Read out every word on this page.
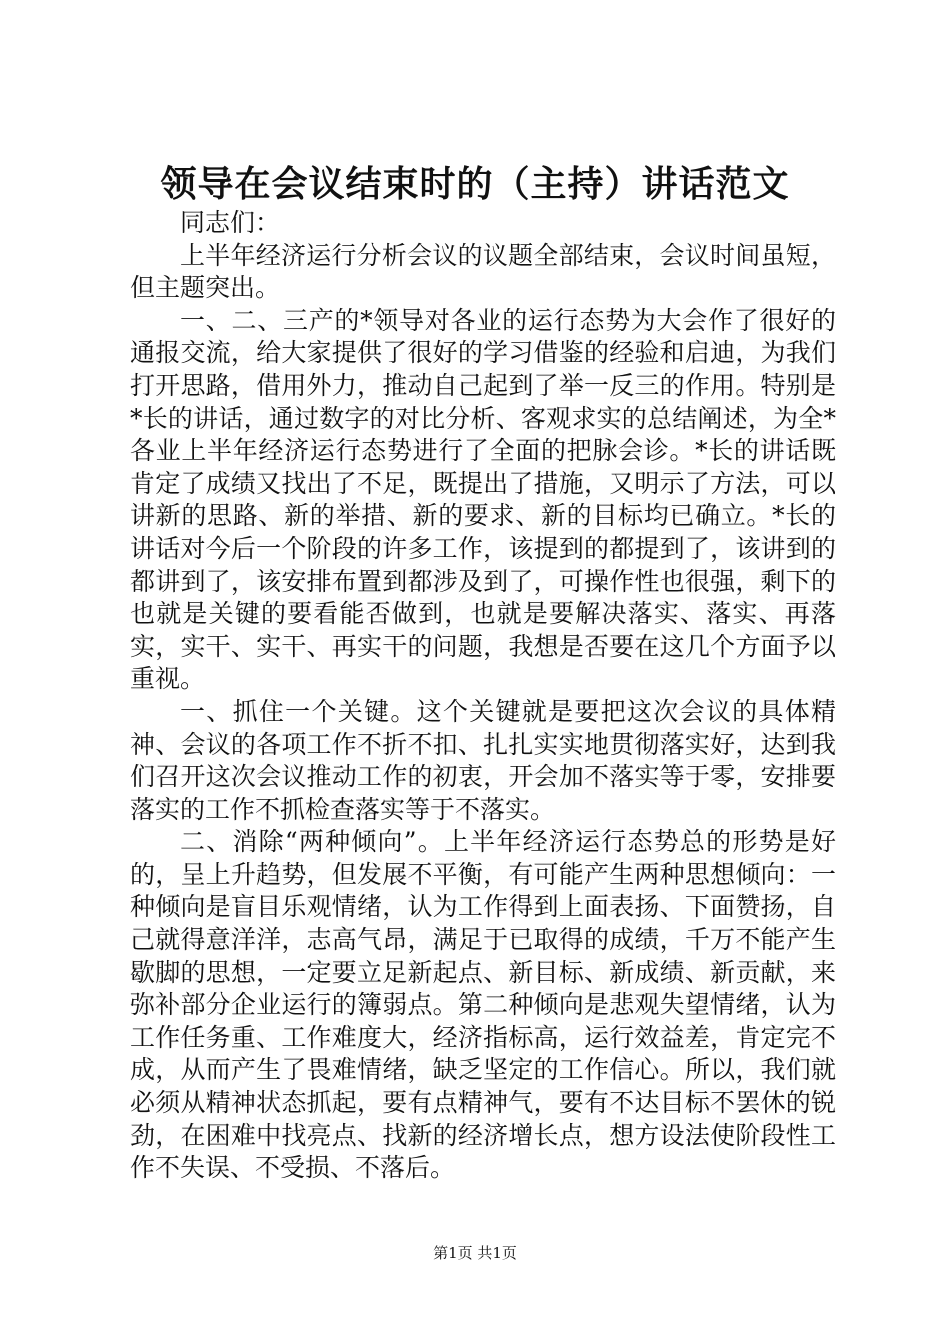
领导在会议结束时的（主持）讲话范文

同志们：

上半年经济运行分析会议的议题全部结束，会议时间虽短，但主题突出。

一、二、三产的*领导对各业的运行态势为大会作了很好的通报交流，给大家提供了很好的学习借鉴的经验和启迪，为我们打开思路，借用外力，推动自己起到了举一反三的作用。特别是*长的讲话，通过数字的对比分析、客观求实的总结阐述，为全*各业上半年经济运行态势进行了全面的把脉会诊。*长的讲话既肯定了成绩又找出了不足，既提出了措施，又明示了方法，可以讲新的思路、新的举措、新的要求、新的目标均已确立。*长的讲话对今后一个阶段的许多工作，该提到的都提到了，该讲到的都讲到了，该安排布置到都涉及到了，可操作性也很强，剩下的也就是关键的要看能否做到，也就是要解决落实、落实、再落实，实干、实干、再实干的问题，我想是否要在这几个方面予以重视。

一、抓住一个关键。这个关键就是要把这次会议的具体精神、会议的各项工作不折不扣、扎扎实实地贯彻落实好，达到我们召开这次会议推动工作的初衷，开会加不落实等于零，安排要落实的工作不抓检查落实等于不落实。

二、消除“两种倾向”。上半年经济运行态势总的形势是好的，呈上升趋势，但发展不平衡，有可能产生两种思想倾向：一种倾向是盲目乐观情绪，认为工作得到上面表扬、下面赞扬，自己就得意洋洋，志高气昂，满足于已取得的成绩，千万不能产生歇脚的思想，一定要立足新起点、新目标、新成绩、新贡献，来弥补部分企业运行的簿弱点。第二种倾向是悲观失望情绪，认为工作任务重、工作难度大，经济指标高，运行效益差，肯定完不成，从而产生了畏难情绪，缺乏坚定的工作信心。所以，我们就必须从精神状态抓起，要有点精神气，要有不达目标不罢休的锐劲，在困难中找亮点、找新的经济增长点，想方设法使阶段性工作不失误、不受损、不落后。

第1页 共1页
